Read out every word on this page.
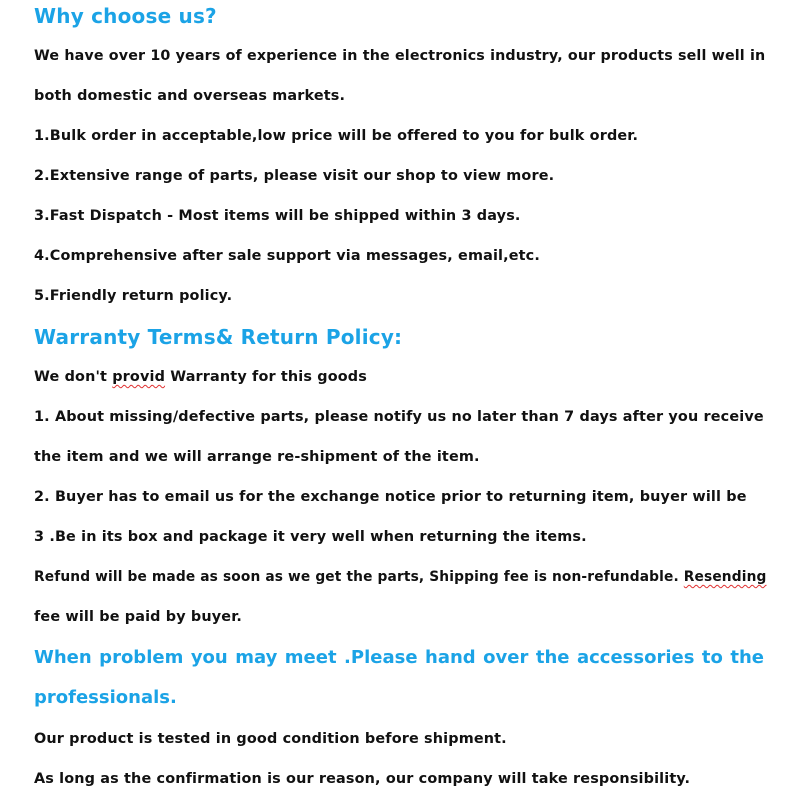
Why choose us?
We have over 10 years of experience in the electronics industry, our products sell well in
both domestic and overseas markets.
1.Bulk order in acceptable,low price will be offered to you for bulk order.
2.Extensive range of parts, please visit our shop to view more.
3.Fast Dispatch - Most items will be shipped within 3 days.
4.Comprehensive after sale support via messages, email,etc.
5.Friendly return policy.
Warranty Terms& Return Policy:
We don't provid Warranty for this goods
1. About missing/defective parts, please notify us no later than 7 days after you receive
the item and we will arrange re-shipment of the item.
2. Buyer has to email us for the exchange notice prior to returning item, buyer will be
3 .Be in its box and package it very well when returning the items.
Refund will be made as soon as we get the parts, Shipping fee is non-refundable. Resending
fee will be paid by buyer.
When problem you may meet .Please hand over the accessories to the
professionals.
Our product is tested in good condition before shipment.
As long as the confirmation is our reason, our company will take responsibility.
